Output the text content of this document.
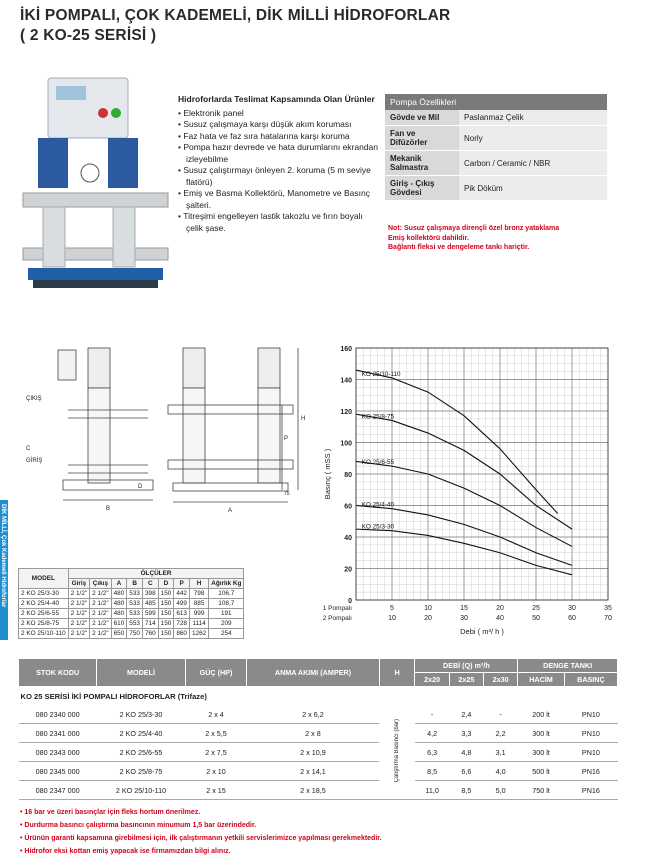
İKİ POMPALI, ÇOK KADEMELİ, DİK MİLLİ HİDROFORLAR
( 2 KO-25 SERİSİ )
DİK MİLLİ, Çok Kademeli Hidroforlar
Hidroforlarda Teslimat Kapsamında Olan Ürünler
• Elektronik panel
• Susuz çalışmaya karşı düşük akım koruması
• Faz hata ve faz sıra hatalarına karşı koruma
• Pompa hazır devrede ve hata durumlarını ekrandan izleyebilme
• Susuz çalıştırmayı önleyen 2. koruma (5 m seviye flatörü)
• Emiş ve Basma Kollektörü, Manometre ve Basınç şalteri.
• Titreşimi engelleyen lastik takozlu ve fırın boyalı çelik şase.
Pompa Özellikleri	
Gövde ve Mil	Paslanmaz Çelik
Fan ve Difüzörler	Norly
Mekanik Salmastra	Carbon / Ceramic / NBR
Giriş - Çıkış Gövdesi	Pik Döküm
Not: Susuz çalışmaya dirençli özel bronz yataklama
Emiş kollektörü dahildir.
Bağlantı fleksi ve dengeleme tankı hariçtir.
ÇIKIŞ
GİRİŞ
B	A
C
D
P
H
75
0
20
40
60
80
100
120
140
160
5
10
10
20
15
30
20
40
25
50
30
60
35
70
1 Pompalı
2 Pompalı
Debi ( m³/ h )
Basınç ( mSS )
KO 25/10-110
KO 25/8-75
KO 25/6-55
KO 25/4-40
KO 25/3-30
MODEL	ÖLÇÜLER								
	Giriş	Çıkış	A	B	C	D	P	H	Ağırlık Kg
2 KO 25/3-30	2 1/2"	2 1/2"	480	533	398	150	442	798	106,7
2 KO 25/4-40	2 1/2"	2 1/2"	480	533	485	150	499	885	108,7
2 KO 25/6-55	2 1/2"	2 1/2"	480	533	599	150	613	999	191
2 KO 25/8-75	2 1/2"	2 1/2"	610	553	714	150	728	1114	209
2 KO 25/10-110	2 1/2"	2 1/2"	650	750	760	150	860	1262	254
STOK KODU	MODELİ	GÜÇ (HP)	ANMA AKIMI (AMPER)	H	DEBİ (Q) m³/h			DENGE TANKI	
					2x20	2x25	2x30	HACİM	BASINÇ
KO 25 SERİSİ İKİ POMPALI HİDROFORLAR (Trifaze)									
080 2340 000	2 KO 25/3-30	2 x 4	2 x 6,2	Çalıştırma Basıncı (bar)	-	2,4	-	200 lt	PN10
080 2341 000	2 KO 25/4-40	2 x 5,5	2 x 8		4,2	3,3	2,2	300 lt	PN10
080 2343 000	2 KO 25/6-55	2 x 7,5	2 x 10,9		6,3	4,8	3,1	300 lt	PN10
080 2345 000	2 KO 25/8-75	2 x 10	2 x 14,1		8,5	6,6	4,0	500 lt	PN16
080 2347 000	2 KO 25/10-110	2 x 15	2 x 18,5		11,0	8,5	5,0	750 lt	PN16
• 16 bar ve üzeri basınçlar için fleks hortum önerilmez.
• Durdurma basıncı çalıştırma basıncının minumum 1,5 bar üzerindedir.
• Ürünün garanti kapsamına girebilmesi için, ilk çalıştırmanın yetkili servislerimizce yapılması gerekmektedir.
• Hidrofor eksi kottan emiş yapacak ise firmamızdan bilgi alınız.
